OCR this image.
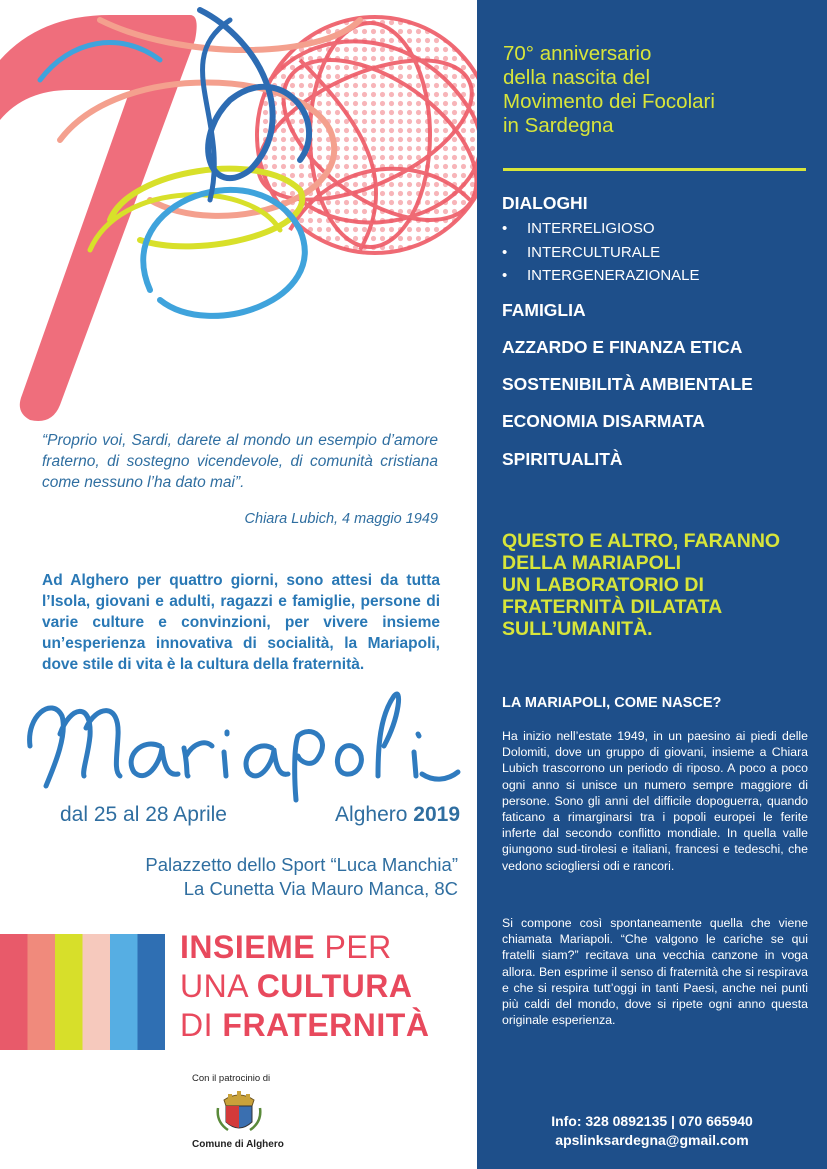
“Proprio voi, Sardi, darete al mondo un esempio d’amore fraterno, di sostegno vicendevole, di comunità cristiana come nessuno l’ha dato mai”.
Chiara Lubich, 4 maggio 1949
Ad Alghero per quattro giorni, sono attesi da tutta l’Isola, giovani e adulti, ragazzi e famiglie, persone di varie culture e convinzioni, per vivere insieme un’esperienza innovativa di socialità, la Mariapoli, dove stile di vita è la cultura della fraternità.
dal 25 al 28 Aprile	Alghero 2019
Palazzetto dello Sport “Luca Manchia”
La Cunetta Via Mauro Manca, 8C
INSIEME PER
UNA CULTURA
DI FRATERNITÀ
Con il patrocinio di
Comune di Alghero
70° anniversario
della nascita del
Movimento dei Focolari
in Sardegna
DIALOGHI
• INTERRELIGIOSO
• INTERCULTURALE
• INTERGENERAZIONALE
FAMIGLIA
AZZARDO E FINANZA ETICA
SOSTENIBILITÀ AMBIENTALE
ECONOMIA DISARMATA
SPIRITUALITÀ
QUESTO E ALTRO, FARANNO
DELLA MARIAPOLI
UN LABORATORIO DI
FRATERNITÀ DILATATA
SULL’UMANITÀ.
LA MARIAPOLI, COME NASCE?
Ha inizio nell’estate 1949, in un paesino ai piedi delle Dolomiti, dove un gruppo di giovani, insieme a Chiara Lubich trascorrono un periodo di riposo. A poco a poco ogni anno si unisce un numero sempre maggiore di persone. Sono gli anni del difficile dopoguerra, quando faticano a rimarginarsi tra i popoli europei le ferite inferte dal secondo conflitto mondiale. In quella valle giungono sud-tirolesi e italiani, francesi e tedeschi, che vedono sciogliersi odi e rancori.
Si compone così spontaneamente quella che viene chiamata Mariapoli. “Che valgono le cariche se qui fratelli siam?” recitava una vecchia canzone in voga allora. Ben esprime il senso di fraternità che si respirava e che si respira tutt’oggi in tanti Paesi, anche nei punti più caldi del mondo, dove si ripete ogni anno questa originale esperienza.
Info: 328 0892135 | 070 665940
apslinksardegna@gmail.com
